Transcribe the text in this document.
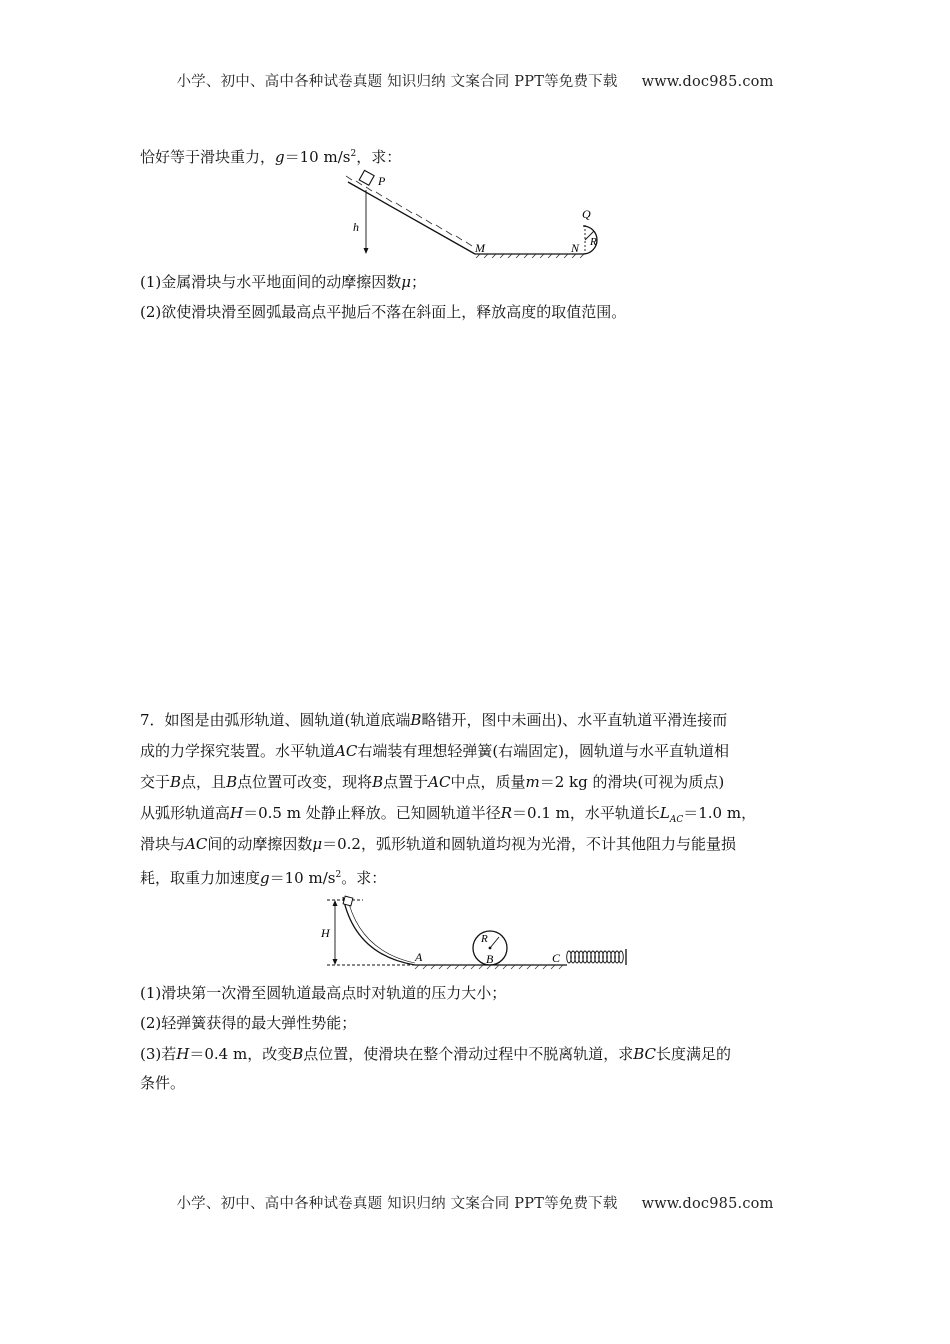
小学、初中、高中各种试卷真题 知识归纳 文案合同 PPT等免费下载 www.doc985.com
恰好等于滑块重力，g＝10 $m/s^2$，求：
P
h
M	N
Q
R
(1)金属滑块与水平地面间的动摩擦因数μ；
(2)欲使滑块滑至圆弧最高点平抛后不落在斜面上，释放高度的取值范围。
7．如图是由弧形轨道、圆轨道(轨道底端B略错开，图中未画出)、水平直轨道平滑连接而
成的力学探究装置。水平轨道AC右端装有理想轻弹簧(右端固定)，圆轨道与水平直轨道相
交于B点，且B点位置可改变，现将B点置于AC中点，质量m＝2 kg 的滑块(可视为质点)
从弧形轨道高H＝0.5 m 处静止释放。已知圆轨道半径R＝0.1 m，水平轨道长$L_{AC}=1.0$ m，
滑块与AC间的动摩擦因数μ＝0.2，弧形轨道和圆轨道均视为光滑，不计其他阻力与能量损
耗，取重力加速度g＝10 $m/s^2$。求：
H
A	B	C
R
(1)滑块第一次滑至圆轨道最高点时对轨道的压力大小；
(2)轻弹簧获得的最大弹性势能；
(3)若H＝0.4 m，改变B点位置，使滑块在整个滑动过程中不脱离轨道，求BC长度满足的
条件。
小学、初中、高中各种试卷真题 知识归纳 文案合同 PPT等免费下载 www.doc985.com
